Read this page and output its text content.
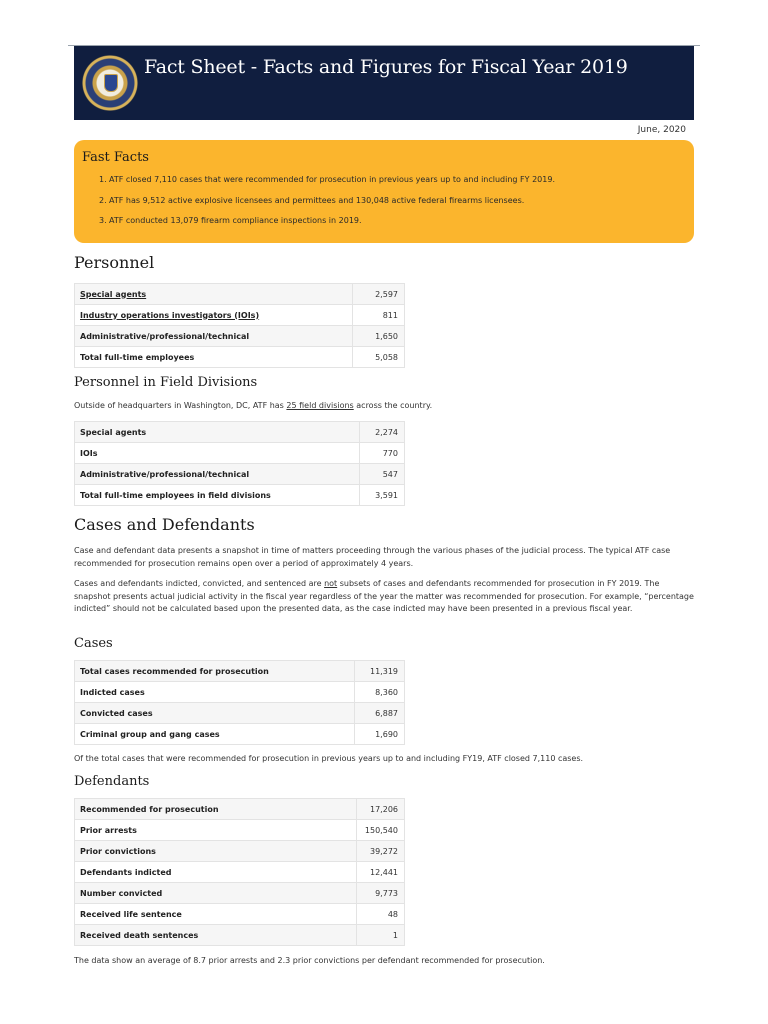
Fact Sheet - Facts and Figures for Fiscal Year 2019
June, 2020
Fast Facts
1. ATF closed 7,110 cases that were recommended for prosecution in previous years up to and including FY 2019.
2. ATF has 9,512 active explosive licensees and permittees and 130,048 active federal firearms licensees.
3. ATF conducted 13,079 firearm compliance inspections in 2019.
Personnel
Special agents	2,597
Industry operations investigators (IOIs)	811
Administrative/professional/technical	1,650
Total full-time employees	5,058
Personnel in Field Divisions
Outside of headquarters in Washington, DC, ATF has 25 field divisions across the country.
Special agents	2,274
IOIs	770
Administrative/professional/technical	547
Total full-time employees in field divisions	3,591
Cases and Defendants
Case and defendant data presents a snapshot in time of matters proceeding through the various phases of the judicial process. The typical ATF case recommended for prosecution remains open over a period of approximately 4 years.
Cases and defendants indicted, convicted, and sentenced are not subsets of cases and defendants recommended for prosecution in FY 2019. The snapshot presents actual judicial activity in the fiscal year regardless of the year the matter was recommended for prosecution. For example, “percentage indicted” should not be calculated based upon the presented data, as the case indicted may have been presented in a previous fiscal year.
Cases
Total cases recommended for prosecution	11,319
Indicted cases	8,360
Convicted cases	6,887
Criminal group and gang cases	1,690
Of the total cases that were recommended for prosecution in previous years up to and including FY19, ATF closed 7,110 cases.
Defendants
Recommended for prosecution	17,206
Prior arrests	150,540
Prior convictions	39,272
Defendants indicted	12,441
Number convicted	9,773
Received life sentence	48
Received death sentences	1
The data show an average of 8.7 prior arrests and 2.3 prior convictions per defendant recommended for prosecution.
